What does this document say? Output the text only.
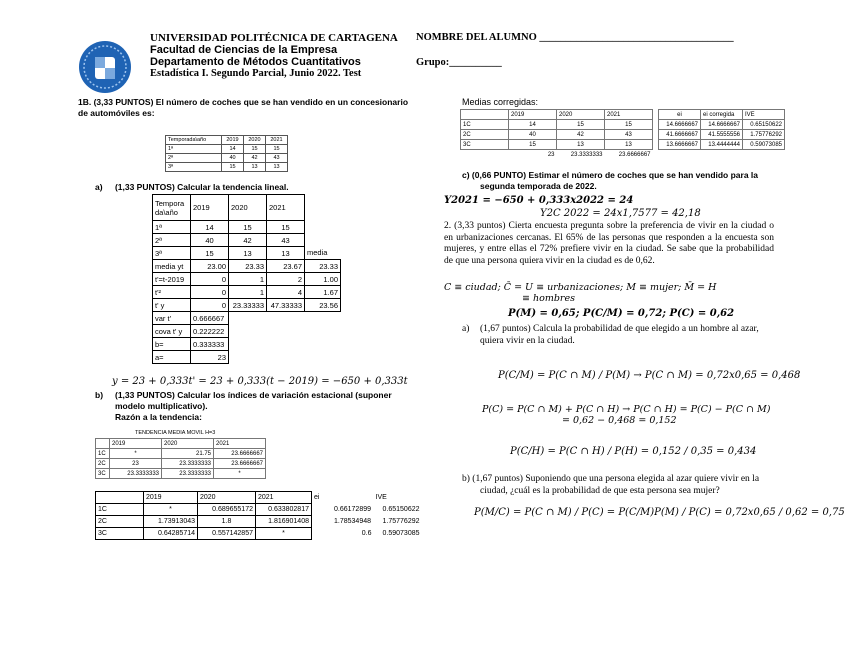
UNIVERSIDAD POLITÉCNICA DE CARTAGENA
Facultad de Ciencias de la Empresa
Departamento de Métodos Cuantitativos
Estadística I. Segundo Parcial, Junio 2022. Test
NOMBRE DEL ALUMNO _____________________________________
Grupo:__________
1B. (3,33 PUNTOS) El número de coches que se han vendido en un concesionario de automóviles es:
Temporada\año	2019	2020	2021
1ª	14	15	15
2ª	40	42	43
3ª	15	13	13
a) (1,33 PUNTOS) Calcular la tendencia lineal.
Tempora da\año	2019	2020	2021	
1ª	14	15	15	
2ª	40	42	43	
3ª	15	13	13	media
media yt	23.00	23.33	23.67	23.33
t'=t-2019	0	1	2	1.00
t'²	0	1	4	1.67
t' y	0	23.33333	47.33333	23.56
var t'	0.666667			
cova t' y	0.222222			
b=	0.333333			
a=	23			
y = 23 + 0,333t' = 23 + 0,333(t − 2019) = −650 + 0,333t
b) (1,33 PUNTOS) Calcular los índices de variación estacional (suponer modelo multiplicativo).
Razón a la tendencia:
TENDENCIA MEDIA MOVIL H=3
	2019	2020	2021
1C	*	21.75	23.6666667
2C	23	23.3333333	23.6666667
3C	23.3333333	23.3333333	*
	2019	2020	2021	ei	IVE
1C	*	0.689655172	0.633802817	0.66172899	0.65150622
2C	1.73913043	1.8	1.816901408	1.78534948	1.75776292
3C	0.64285714	0.557142857	*	0.6	0.59073085
Medias corregidas:
	2019	2020	2021		ei	ei corregida	IVE
1C	14	15	15		14.6666667	14.6666667	0.65150622
2C	40	42	43		41.6666667	41.5555556	1.75776292
3C	15	13	13		13.6666667	13.4444444	0.59073085
	23	23.3333333	23.6666667				
c) (0,66 PUNTO) Estimar el número de coches que se han vendido para la segunda temporada de 2022.
Y2021 = −650 + 0,333x2022 = 24
Y2C 2022 = 24x1,7577 = 42,18
2. (3,33 puntos) Cierta encuesta pregunta sobre la preferencia de vivir en la ciudad o en urbanizaciones cercanas. El 65% de las personas que responden a la encuesta son mujeres, y entre ellas el 72% prefiere vivir en la ciudad. Se sabe que la probabilidad de que una persona quiera vivir en la ciudad es de 0,62.
C ≡ ciudad; C̄ = U ≡ urbanizaciones; M ≡ mujer; M̄ = H
≡ hombres
P(M) = 0,65; P(C/M) = 0,72; P(C) = 0,62
a) (1,67 puntos) Calcula la probabilidad de que elegido a un hombre al azar, quiera vivir en la ciudad.
P(C/M) = P(C ∩ M) / P(M) → P(C ∩ M) = 0,72x0,65 = 0,468
P(C) = P(C ∩ M) + P(C ∩ H) → P(C ∩ H) = P(C) − P(C ∩ M)
= 0,62 − 0,468 = 0,152
P(C/H) = P(C ∩ H) / P(H) = 0,152 / 0,35 = 0,434
b) (1,67 puntos) Suponiendo que una persona elegida al azar quiere vivir en la ciudad, ¿cuál es la probabilidad de que esta persona sea mujer?
P(M/C) = P(C ∩ M) / P(C) = P(C/M)P(M) / P(C) = 0,72x0,65 / 0,62 = 0,75
